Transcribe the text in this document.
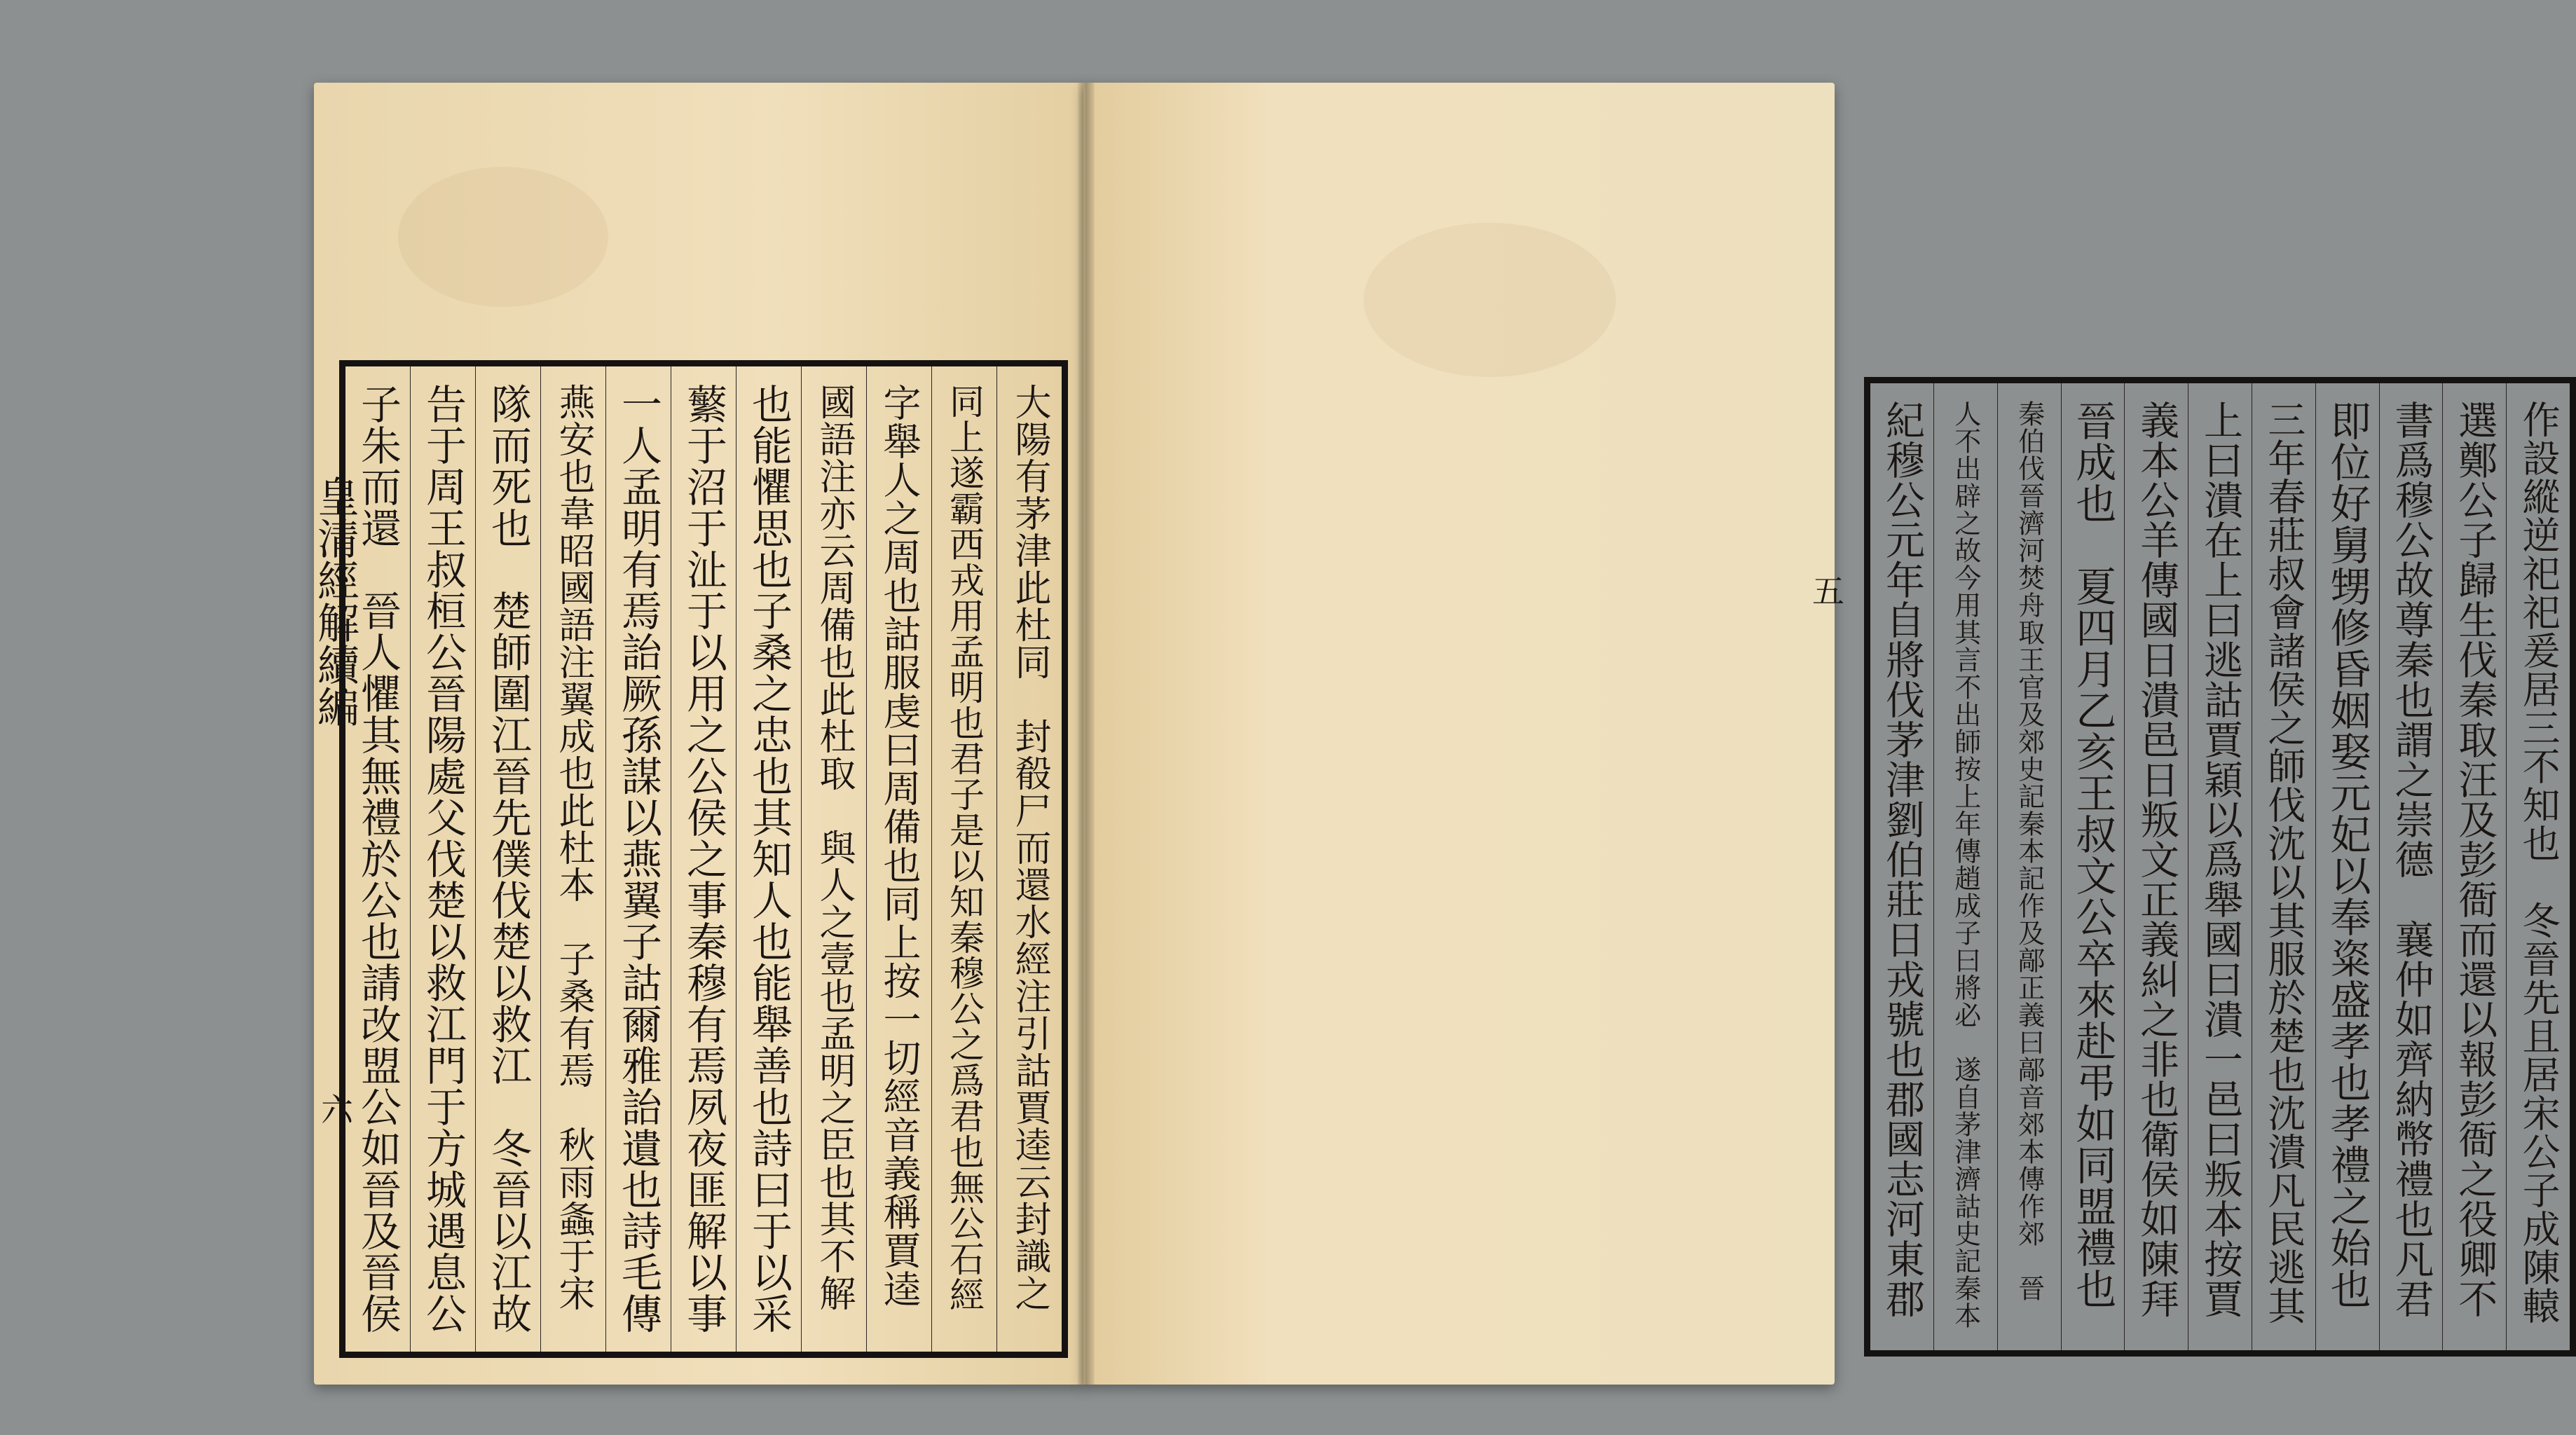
皇清經解續編	大陽有茅津此杜同　封殽尸而還水經注引詁賈逵云封識之
同上遂霸西戎用孟明也君子是以知秦穆公之爲君也無公石經
字舉人之周也詁服虔曰周備也同上按一切經音義稱賈逵
國語注亦云周備也此杜取　與人之壹也孟明之臣也其不解
也能懼思也子桑之忠也其知人也能舉善也詩曰于以采
蘩于沼于沚于以用之公侯之事秦穆有焉夙夜匪解以事
一人孟明有焉詒厥孫謀以燕翼子詁爾雅詒遺也詩毛傳
燕安也韋昭國語注翼成也此杜本　子桑有焉　秋雨螽于宋
隊而死也　楚師圍江晉先僕伐楚以救江　冬晉以江故
告于周王叔桓公晉陽處父伐楚以救江門于方城遇息公
子朱而還　晉人懼其無禮於公也請改盟公如晉及晉侯
六
五	作設縱逆祀祀爰居三不知也　冬晉先且居宋公子成陳轅
選鄭公子歸生伐秦取汪及彭衙而還以報彭衙之役卿不
書爲穆公故尊秦也謂之崇德　襄仲如齊納幣禮也凡君
即位好舅甥修昏姻娶元妃以奉粢盛孝也孝禮之始也
三年春莊叔會諸侯之師伐沈以其服於楚也沈潰凡民逃其
上曰潰在上曰逃詁賈穎以爲舉國曰潰一邑曰叛本按賈
義本公羊傳國日潰邑日叛文正義糾之非也衛侯如陳拜
晉成也　夏四月乙亥王叔文公卒來赴弔如同盟禮也
秦伯伐晉濟河焚舟取王官及郊史記秦本記作及鄗正義曰鄗音郊本傳作郊　晉
人不出辟之故今用其言不出師按上年傳趙成子曰將必　遂自茅津濟詁史記秦本
紀穆公元年自將伐茅津劉伯莊日戎號也郡國志河東郡
